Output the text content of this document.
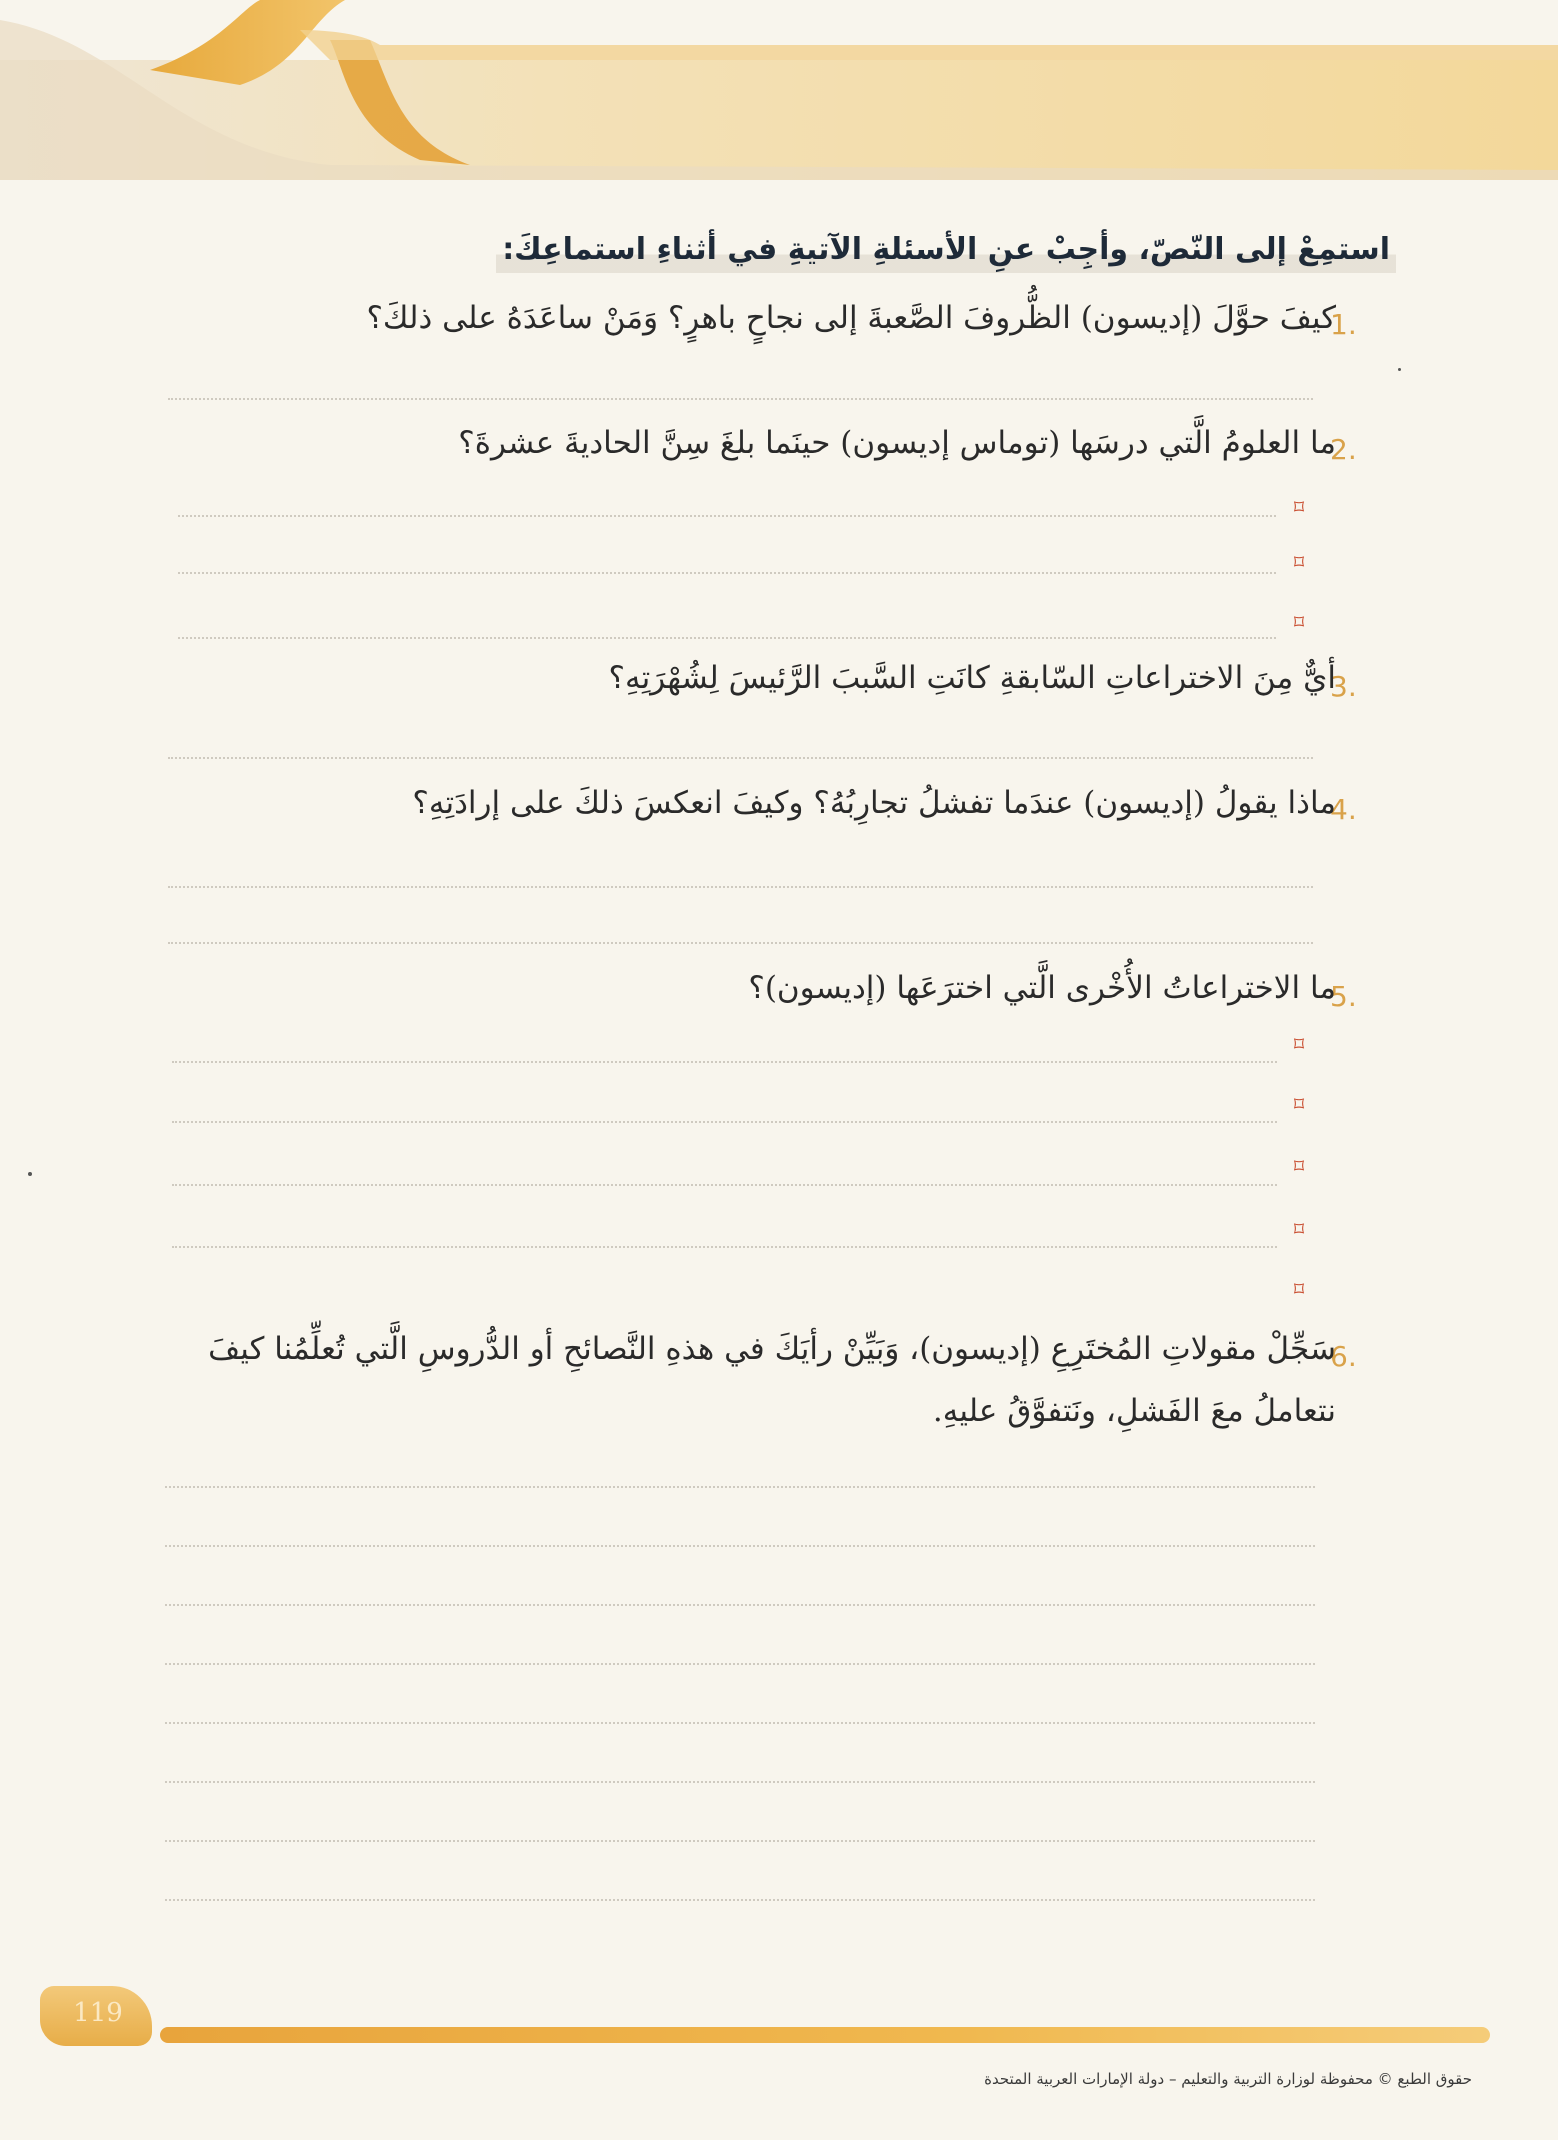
استمِعْ إلى النّصّ، وأجِبْ عنِ الأسئلةِ الآتيةِ في أثناءِ استماعِكَ:
1.
كيفَ حوَّلَ (إديسون) الظُّروفَ الصَّعبةَ إلى نجاحٍ باهرٍ؟ وَمَنْ ساعَدَهُ على ذلكَ؟
2.
ما العلومُ الَّتي درسَها (توماس إديسون) حينَما بلغَ سِنَّ الحاديةَ عشرةَ؟
⌑
⌑
⌑
3.
أيٌّ مِنَ الاختراعاتِ السّابقةِ كانَتِ السَّببَ الرَّئيسَ لِشُهْرَتِهِ؟
4.
ماذا يقولُ (إديسون) عندَما تفشلُ تجارِبُهُ؟ وكيفَ انعكسَ ذلكَ على إرادَتِهِ؟
5.
ما الاختراعاتُ الأُخْرى الَّتي اخترَعَها (إديسون)؟
⌑
⌑
⌑
⌑
⌑
6.
سَجِّلْ مقولاتِ المُختَرِعِ (إديسون)، وَبَيِّنْ رأيَكَ في هذهِ النَّصائحِ أو الدُّروسِ الَّتي تُعلِّمُنا كيفَ نتعاملُ معَ الفَشلِ، ونَتفوَّقُ عليهِ.
119
حقوق الطبع © محفوظة لوزارة التربية والتعليم – دولة الإمارات العربية المتحدة
